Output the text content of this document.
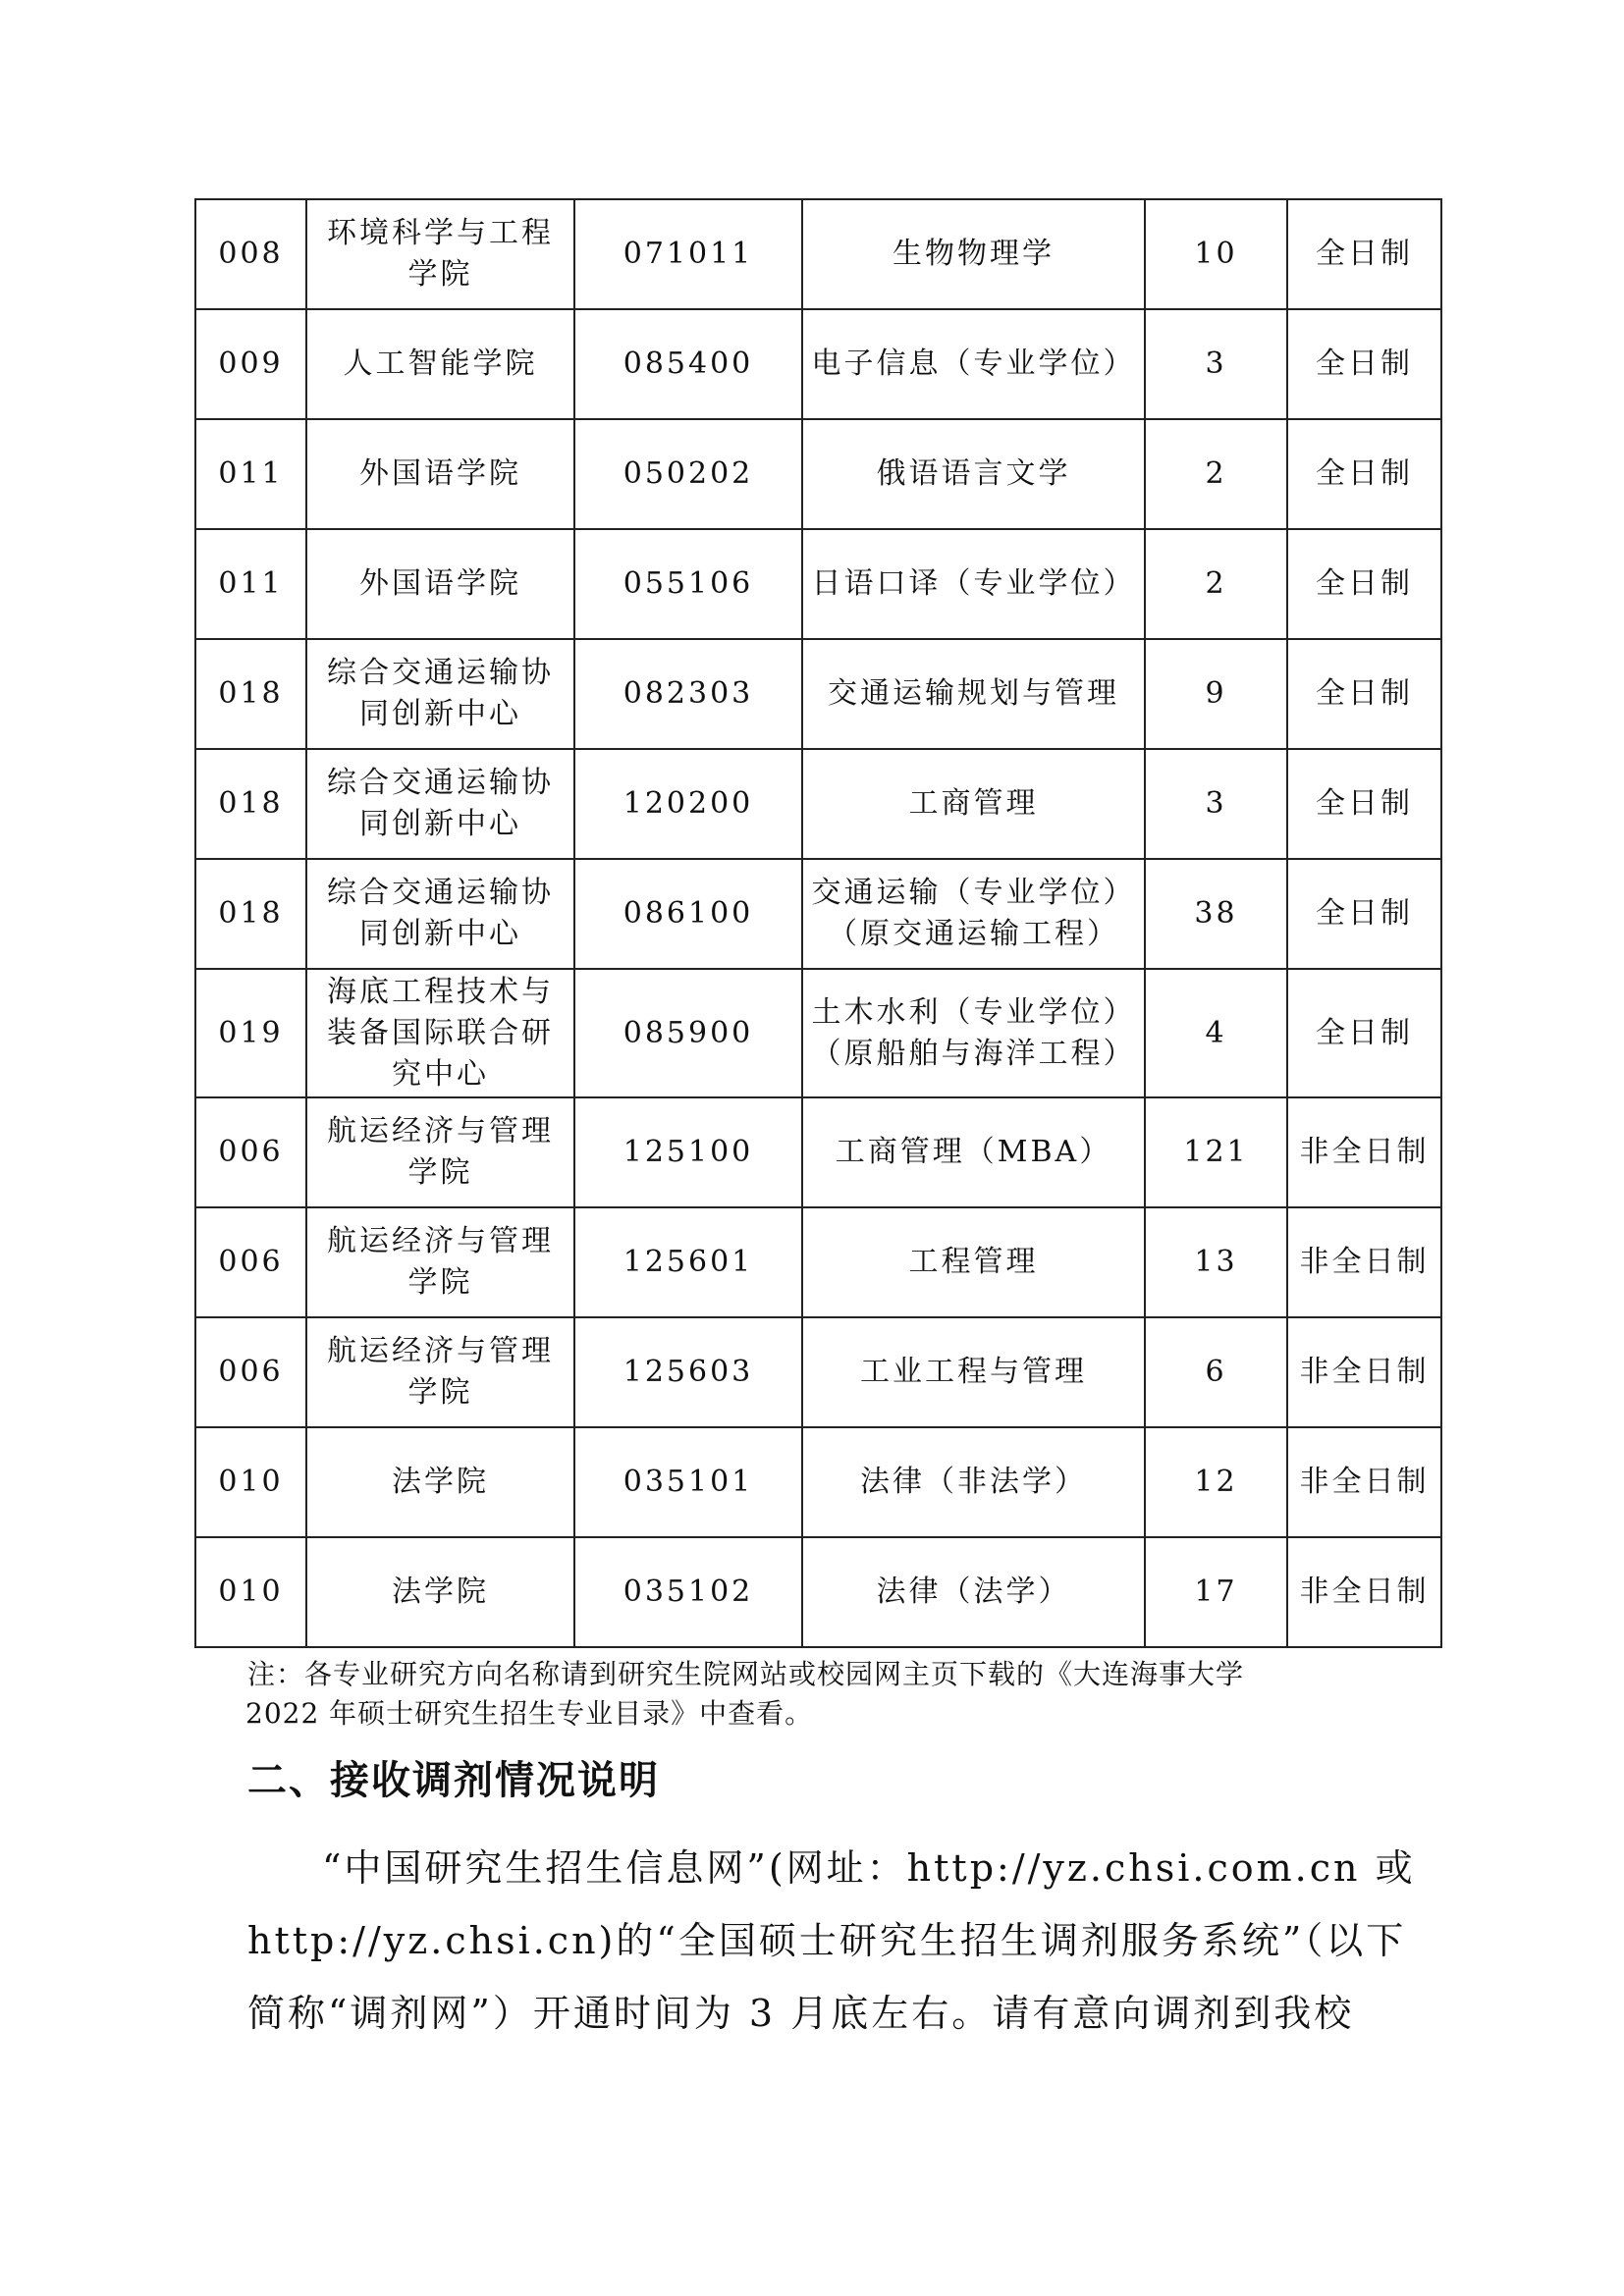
008	环境科学与工程学院	071011	生物物理学	10	全日制
009	人工智能学院	085400	电子信息（专业学位）	3	全日制
011	外国语学院	050202	俄语语言文学	2	全日制
011	外国语学院	055106	日语口译（专业学位）	2	全日制
018	综合交通运输协同创新中心	082303	交通运输规划与管理	9	全日制
018	综合交通运输协同创新中心	120200	工商管理	3	全日制
018	综合交通运输协同创新中心	086100	交通运输（专业学位）（原交通运输工程）	38	全日制
019	海底工程技术与装备国际联合研究中心	085900	土木水利（专业学位）（原船舶与海洋工程）	4	全日制
006	航运经济与管理学院	125100	工商管理（MBA）	121	非全日制
006	航运经济与管理学院	125601	工程管理	13	非全日制
006	航运经济与管理学院	125603	工业工程与管理	6	非全日制
010	法学院	035101	法律（非法学）	12	非全日制
010	法学院	035102	法律（法学）	17	非全日制

注：各专业研究方向名称请到研究生院网站或校园网主页下载的《大连海事大学
2022 年硕士研究生招生专业目录》中查看。

二、接收调剂情况说明

“中国研究生招生信息网”(网址：http://yz.chsi.com.cn 或 http://yz.chsi.cn)的“全国硕士研究生招生调剂服务系统”（以下简称“调剂网”）开通时间为 3 月底左右。请有意向调剂到我校
